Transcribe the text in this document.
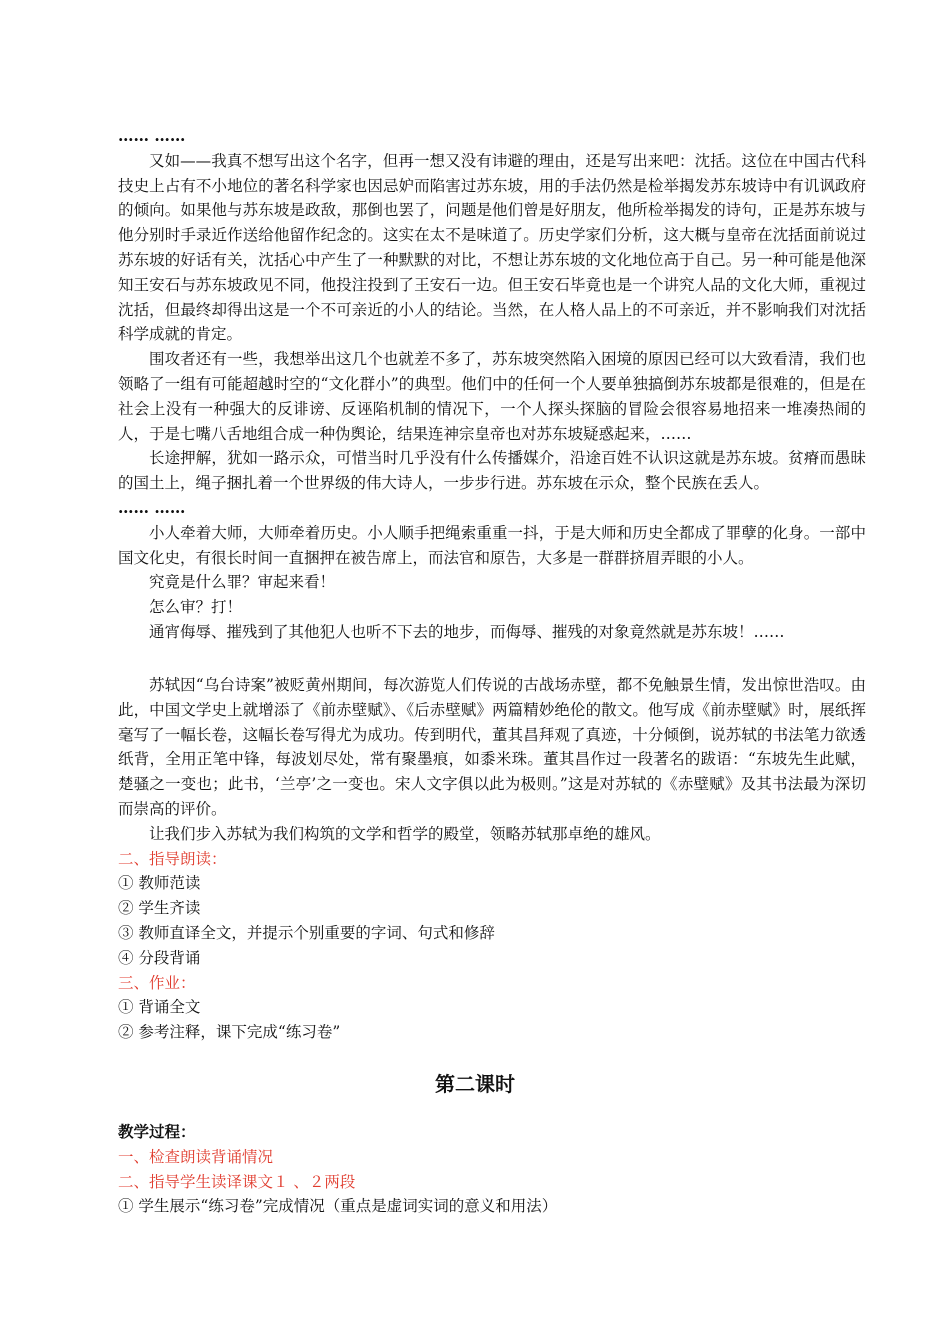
…… ……

又如——我真不想写出这个名字，但再一想又没有讳避的理由，还是写出来吧：沈括。这位在中国古代科技史上占有不小地位的著名科学家也因忌妒而陷害过苏东坡，用的手法仍然是检举揭发苏东坡诗中有讥讽政府的倾向。如果他与苏东坡是政敌，那倒也罢了，问题是他们曾是好朋友，他所检举揭发的诗句，正是苏东坡与他分别时手录近作送给他留作纪念的。这实在太不是味道了。历史学家们分析，这大概与皇帝在沈括面前说过苏东坡的好话有关，沈括心中产生了一种默默的对比，不想让苏东坡的文化地位高于自己。另一种可能是他深知王安石与苏东坡政见不同，他投注投到了王安石一边。但王安石毕竟也是一个讲究人品的文化大师，重视过沈括，但最终却得出这是一个不可亲近的小人的结论。当然，在人格人品上的不可亲近，并不影响我们对沈括科学成就的肯定。

围攻者还有一些，我想举出这几个也就差不多了，苏东坡突然陷入困境的原因已经可以大致看清，我们也领略了一组有可能超越时空的“文化群小”的典型。他们中的任何一个人要单独搞倒苏东坡都是很难的，但是在社会上没有一种强大的反诽谤、反诬陷机制的情况下，一个人探头探脑的冒险会很容易地招来一堆凑热闹的人，于是七嘴八舌地组合成一种伪舆论，结果连神宗皇帝也对苏东坡疑惑起来，……

长途押解，犹如一路示众，可惜当时几乎没有什么传播媒介，沿途百姓不认识这就是苏东坡。贫瘠而愚昧的国土上，绳子捆扎着一个世界级的伟大诗人，一步步行进。苏东坡在示众，整个民族在丢人。

…… ……

小人牵着大师，大师牵着历史。小人顺手把绳索重重一抖，于是大师和历史全都成了罪孽的化身。一部中国文化史，有很长时间一直捆押在被告席上，而法官和原告，大多是一群群挤眉弄眼的小人。

究竟是什么罪？审起来看！

怎么审？打！

通宵侮辱、摧残到了其他犯人也听不下去的地步，而侮辱、摧残的对象竟然就是苏东坡！……

苏轼因“乌台诗案”被贬黄州期间，每次游览人们传说的古战场赤壁，都不免触景生情，发出惊世浩叹。由此，中国文学史上就增添了《前赤壁赋》、《后赤壁赋》两篇精妙绝伦的散文。他写成《前赤壁赋》时，展纸挥毫写了一幅长卷，这幅长卷写得尤为成功。传到明代，董其昌拜观了真迹，十分倾倒，说苏轼的书法笔力欲透纸背，全用正笔中锋，每波划尽处，常有聚墨痕，如黍米珠。董其昌作过一段著名的跋语：“东坡先生此赋，楚骚之一变也；此书，‘兰亭’之一变也。宋人文字俱以此为极则。”这是对苏轼的《赤壁赋》及其书法最为深切而崇高的评价。

让我们步入苏轼为我们构筑的文学和哲学的殿堂，领略苏轼那卓绝的雄风。

二、指导朗读：

① 教师范读

② 学生齐读

③ 教师直译全文，并提示个别重要的字词、句式和修辞

④ 分段背诵

三、作业：

① 背诵全文

② 参考注释，课下完成“练习卷”

第二课时

教学过程：

一、检查朗读背诵情况

二、指导学生读译课文１ 、２两段

① 学生展示“练习卷”完成情况（重点是虚词实词的意义和用法）
